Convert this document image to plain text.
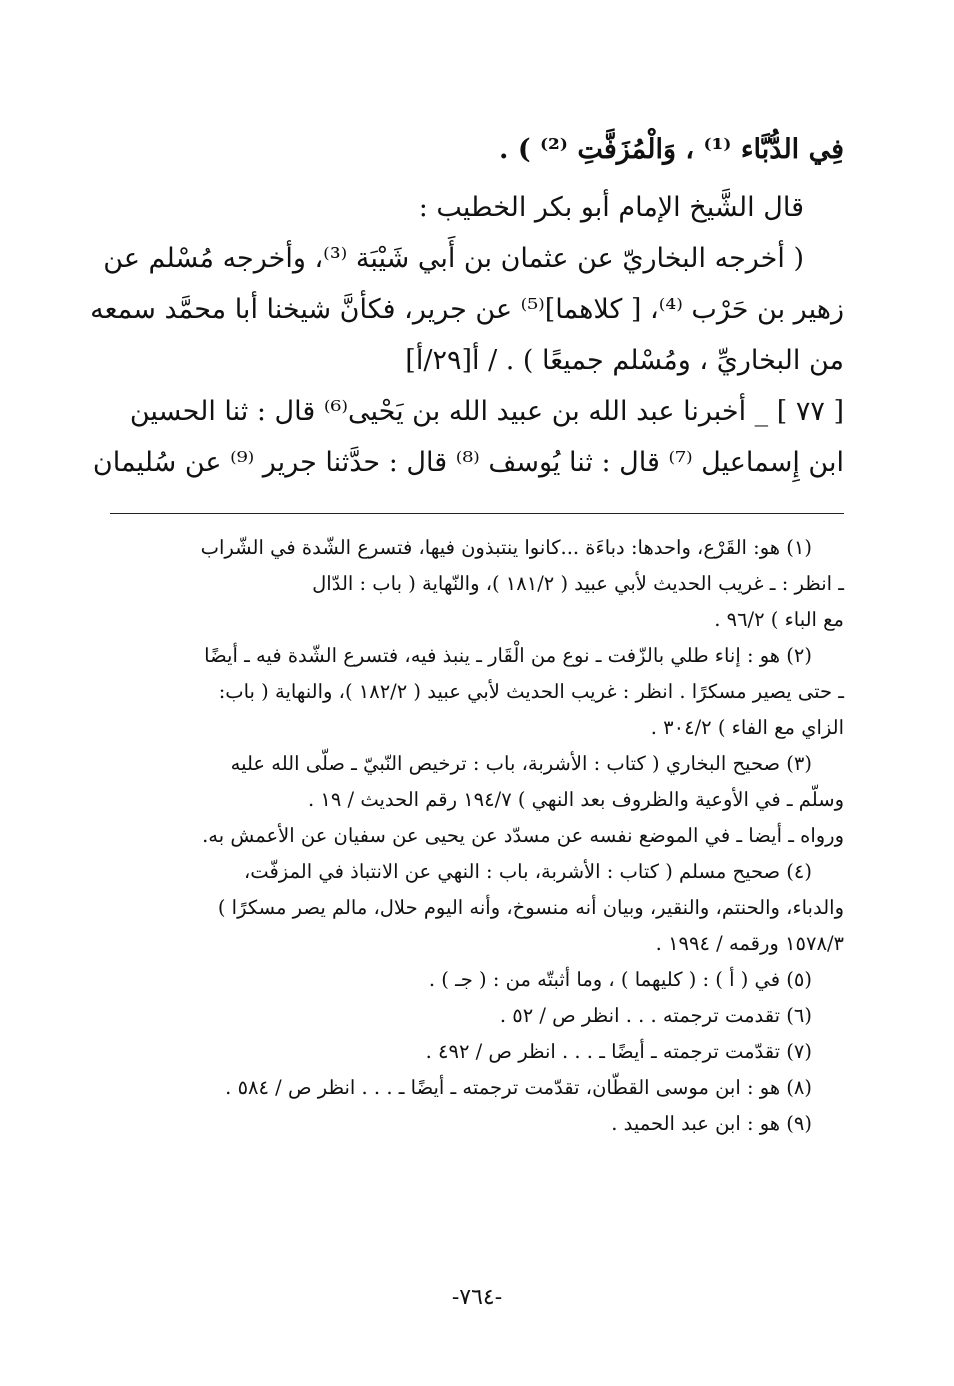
فِي الدُّبَّاء ⁽¹⁾ ، وَالْمُزَفَّتِ ⁽²⁾ ) .
قال الشَّيخ الإمام أبو بكر الخطيب :
( أخرجه البخاريّ عن عثمان بن أَبي شَيْبَة ⁽³⁾، وأخرجه مُسْلم عن
زهير بن حَرْب ⁽⁴⁾، [ كلاهما]⁽⁵⁾ عن جرير، فكأنَّ شيخنا أبا محمَّد سمعه
من البخاريِّ ، ومُسْلم جميعًا ) . / أ[٢٩/أ]
[ ٧٧ ] _ أخبرنا عبد الله بن عبيد الله بن يَحْيى⁽⁶⁾ قال : ثنا الحسين
ابن إِسماعيل ⁽⁷⁾ قال : ثنا يُوسف ⁽⁸⁾ قال : حدَّثنا جرير ⁽⁹⁾ عن سُليمان
(١) هو: القَرْع، واحدها: دباءَة ...كانوا ينتبذون فيها، فتسرع الشّدة في الشّراب
ـ انظر : ـ غريب الحديث لأبي عبيد ( ١٨١/٢ )، والنّهاية ( باب : الدّال
مع الباء ) ٩٦/٢ .
(٢) هو : إناء طلي بالزّفت ـ نوع من الْقَار ـ ينبذ فيه، فتسرع الشّدة فيه ـ أيضًا
ـ حتى يصير مسكرًا . انظر : غريب الحديث لأبي عبيد ( ١٨٢/٢ )، والنهاية ( باب:
الزاي مع الفاء ) ٣٠٤/٢ .
(٣) صحيح البخاري ( كتاب : الأشربة، باب : ترخيص النّبيّ ـ صلّى الله عليه
وسلّم ـ في الأوعية والظروف بعد النهي ) ١٩٤/٧ رقم الحديث / ١٩ .
ورواه ـ أيضا ـ في الموضع نفسه عن مسدّد عن يحيى عن سفيان عن الأعمش به.
(٤) صحيح مسلم ( كتاب : الأشربة، باب : النهي عن الانتباذ في المزفّت،
والدباء، والحنتم، والنقير، وبيان أنه منسوخ، وأنه اليوم حلال، مالم يصر مسكرًا )
١٥٧٨/٣ ورقمه / ١٩٩٤ .
(٥) في ( أ ) : ( كليهما ) ، وما أثبتّه من : ( جـ ) .
(٦) تقدمت ترجمته . . . انظر ص / ٥٢ .
(٧) تقدّمت ترجمته ـ أيضًا ـ . . . انظر ص / ٤٩٢ .
(٨) هو : ابن موسى القطّان، تقدّمت ترجمته ـ أيضًا ـ . . . انظر ص / ٥٨٤ .
(٩) هو : ابن عبد الحميد .
-٧٦٤-
